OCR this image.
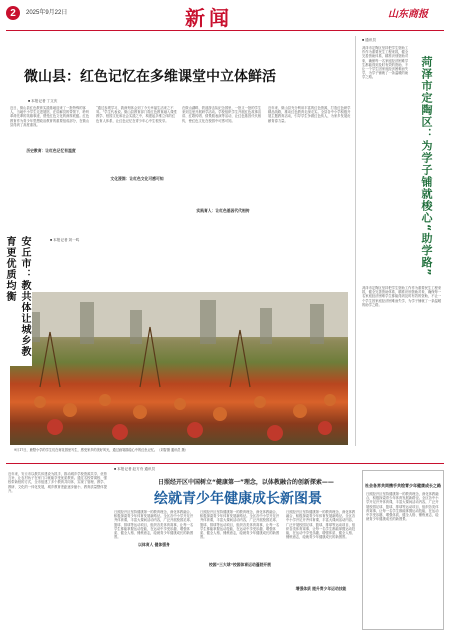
2	2025年9月22日	新闻	山东商报
微山县：红色记忆在多维课堂中立体鲜活
■ 本报记者 丁文庆
近日，微山县红色教育实践基地迎来了一批特殊的客人，当地中小学生走进展馆，在讲解员的带领下，聆听革命先辈的英雄事迹，感受红色文化的深厚底蕴。红色教育作为青少年思想政治教育的重要组成部分，在微山县得到了高度重视。
历史教育：让红色记忆有温度
“通过参观学习，我深刻体会到了今天幸福生活来之不易。”学生代表说。微山县教育部门将红色教育融入课堂教学、校园文化和社会实践之中，构建起多维立体的红色育人体系，让红色记忆在青少年心中生根发芽。
文化浸润：让红色文化可感可知
在微山湖畔，铁道游击队纪念园里，一批又一批的学生来到这里开展研学活动。学校组织学生开展红色故事宣讲、红歌传唱、情景剧表演等活动，让红色基因代代相传，使红色文化在校园中可感可知。
实践育人：让红色基因代代相传
近年来，微山县充分利用丰富的红色资源，打造红色研学精品线路，推动红色教育走深走实。全县各中小学积极开展主题教育活动，引导学生争做红色传人，为家乡发展贡献青春力量。
■ 通讯员
菏泽市定陶区坚持把学生资助工作作为重要民生工程来抓，健全完善资助体系，精准识别资助对象，确保每一名家庭经济困难学生都能得到及时有效的资助，不让一个学生因家庭经济困难而失学，为学子铺就了一条温暖的助学之路。	菏泽市定陶区：为学子铺就梭心“助学路”
菏泽市定陶区坚持把学生资助工作作为重要民生工程来抓，健全完善资助体系，精准识别资助对象，确保每一名家庭经济困难学生都能得到及时有效的资助，不让一个学生因家庭经济困难而失学，为学子铺就了一条温暖的助学之路。
9月17日，鹿墅小学的学生们在荷花园里写生，感受家乡的美好风光，通过画笔描绘心中的红色记忆。（刘智摄 通讯员 摄）
■ 本报记者 赵方舟 通讯员
日照经开区中国树立“健康第一”理念，以体教融合的创新探索——
绘就青少年健康成长新图景
近年来，安丘市以教共体建设为抓手，推动城乡学校资源共享、优势互补，让农村孩子在家门口就能享受优质教育。通过名校带弱校、强校带新校的方式，全市组建了多个教育共同体，实现了管理、教学、教研、文化的一体化发展，城乡教育差距逐步缩小，教育质量整体提升。
日照经开区坚持健康第一的教育理念，深化体教融合，积极探索青少年体育发展新路径。全区各中小学开足开齐体育课，丰富大课间活动内容，广泛开展校园足球、篮球、排球等运动项目，组织各类体育赛事，让每一名学生都能掌握运动技能，在运动中享受乐趣、增强体质、健全人格、锤炼意志，绘就青少年健康成长的新图景。
以体育人 健体强身
日照经开区坚持健康第一的教育理念，深化体教融合，积极探索青少年体育发展新路径。全区各中小学开足开齐体育课，丰富大课间活动内容，广泛开展校园足球、篮球、排球等运动项目，组织各类体育赛事，让每一名学生都能掌握运动技能，在运动中享受乐趣、增强体质、健全人格、锤炼意志，绘就青少年健康成长的新图景。
校园“三大球”校园体育运动蓬勃开展
日照经开区坚持健康第一的教育理念，深化体教融合，积极探索青少年体育发展新路径。全区各中小学开足开齐体育课，丰富大课间活动内容，广泛开展校园足球、篮球、排球等运动项目，组织各类体育赛事，让每一名学生都能掌握运动技能，在运动中享受乐趣、增强体质、健全人格、锤炼意志，绘就青少年健康成长的新图景。
增强体质 提升青少年运动技能
社会各界共同携手共绘青少年健康成长之路
日照经开区坚持健康第一的教育理念，深化体教融合，积极探索青少年体育发展新路径。全区各中小学开足开齐体育课，丰富大课间活动内容，广泛开展校园足球、篮球、排球等运动项目，组织各类体育赛事，让每一名学生都能掌握运动技能，在运动中享受乐趣、增强体质、健全人格、锤炼意志，绘就青少年健康成长的新图景。
■ 本报记者 刘一鸣
安丘市：教共体让城乡教育更优质均衡
